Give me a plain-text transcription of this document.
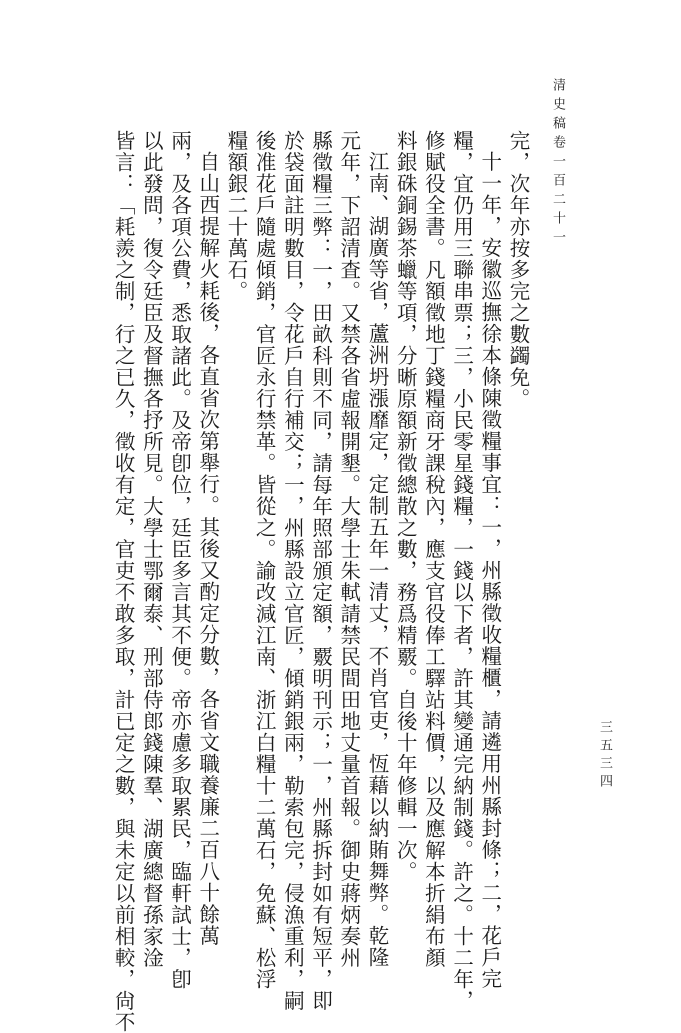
清史稿卷一百二十一
三五三四
完，次年亦按多完之數蠲免。
十一年，安徽巡撫徐本條陳徵糧事宜：一，州縣徵收糧櫃，請遴用州縣封條；二，花戶完
糧，宜仍用三聯串票；三，小民零星錢糧，一錢以下者，許其變通完納制錢。許之。十二年，
修賦役全書。凡額徵地丁錢糧商牙課稅內，應支官役俸工驛站料價，以及應解本折絹布顏
料銀硃銅錫茶蠟等項，分晰原額新徵總散之數，務爲精覈。自後十年修輯一次。
江南、湖廣等省，蘆洲坍漲靡定，定制五年一清丈，不肖官吏，恆藉以納賄舞弊。乾隆
元年，下詔清査。又禁各省虛報開墾。大學士朱軾請禁民間田地丈量首報。御史蔣炳奏州
縣徵糧三弊：一，田畝科則不同，請每年照部頒定額，覈明刊示；一，州縣拆封如有短平，即
於袋面註明數目，令花戶自行補交；一，州縣設立官匠，傾銷銀兩，勒索包完，侵漁重利，嗣
後准花戶隨處傾銷，官匠永行禁革。皆從之。諭改減江南、浙江白糧十二萬石，免蘇、松浮
糧額銀二十萬石。
自山西提解火耗後，各直省次第舉行。其後又酌定分數，各省文職養廉二百八十餘萬
兩，及各項公費，悉取諸此。及帝卽位，廷臣多言其不便。帝亦慮多取累民，臨軒試士，卽
以此發問，復令廷臣及督撫各抒所見。大學士鄂爾泰、刑部侍郎錢陳羣、湖廣總督孫家淦
皆言：「耗羨之制，行之已久，徵收有定，官吏不敢多取，計已定之數，與未定以前相較，尙不
